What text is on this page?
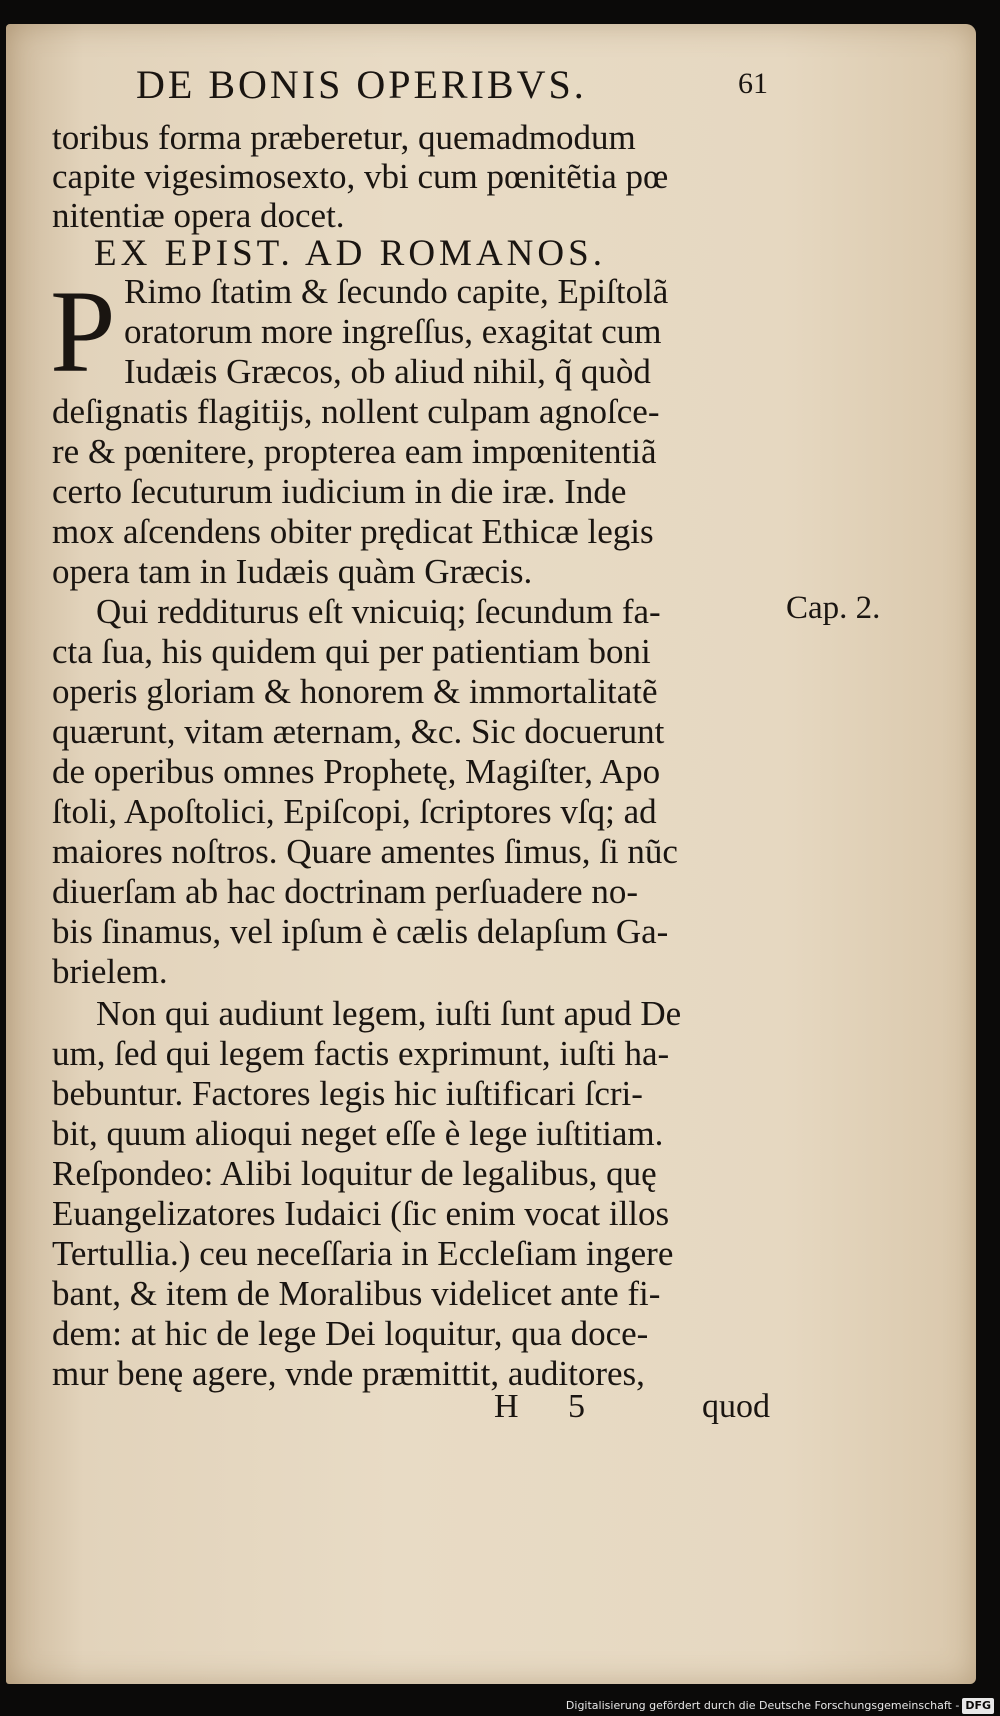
DE BONIS OPERIBVS.	61
toribus forma præberetur, quemadmodum
capite vigesimosexto, vbi cum pœnitẽtia pœ
nitentiæ opera docet.
EX EPIST. AD ROMANOS.
P Rimo ſtatim & ſecundo capite, Epiſtolã
oratorum more ingreſſus, exagitat cum
Iudæis Græcos, ob aliud nihil, q̃ quòd
deſignatis flagitijs, nollent culpam agnoſce-
re & pœnitere, propterea eam impœnitentiã
certo ſecuturum iudicium in die iræ. Inde
mox aſcendens obiter prędicat Ethicæ legis
opera tam in Iudæis quàm Græcis.
Qui redditurus eſt vnicuiq; ſecundum fa-	Cap. 2.
cta ſua, his quidem qui per patientiam boni
operis gloriam & honorem & immortalitatẽ
quærunt, vitam æternam, &c. Sic docuerunt
de operibus omnes Prophetę, Magiſter, Apo
ſtoli, Apoſtolici, Epiſcopi, ſcriptores vſq; ad
maiores noſtros. Quare amentes ſimus, ſi nũc
diuerſam ab hac doctrinam perſuadere no-
bis ſinamus, vel ipſum è cælis delapſum Ga-
brielem.
Non qui audiunt legem, iuſti ſunt apud De
um, ſed qui legem factis exprimunt, iuſti ha-
bebuntur. Factores legis hic iuſtificari ſcri-
bit, quum alioqui neget eſſe è lege iuſtitiam.
Reſpondeo: Alibi loquitur de legalibus, quę
Euangelizatores Iudaici (ſic enim vocat illos
Tertullia.) ceu neceſſaria in Eccleſiam ingere
bant, & item de Moralibus videlicet ante fi-
dem: at hic de lege Dei loquitur, qua doce-
mur benę agere, vnde præmittit, auditores,
H 5	quod
Digitalisierung gefördert durch die Deutsche Forschungsgemeinschaft - DFG
